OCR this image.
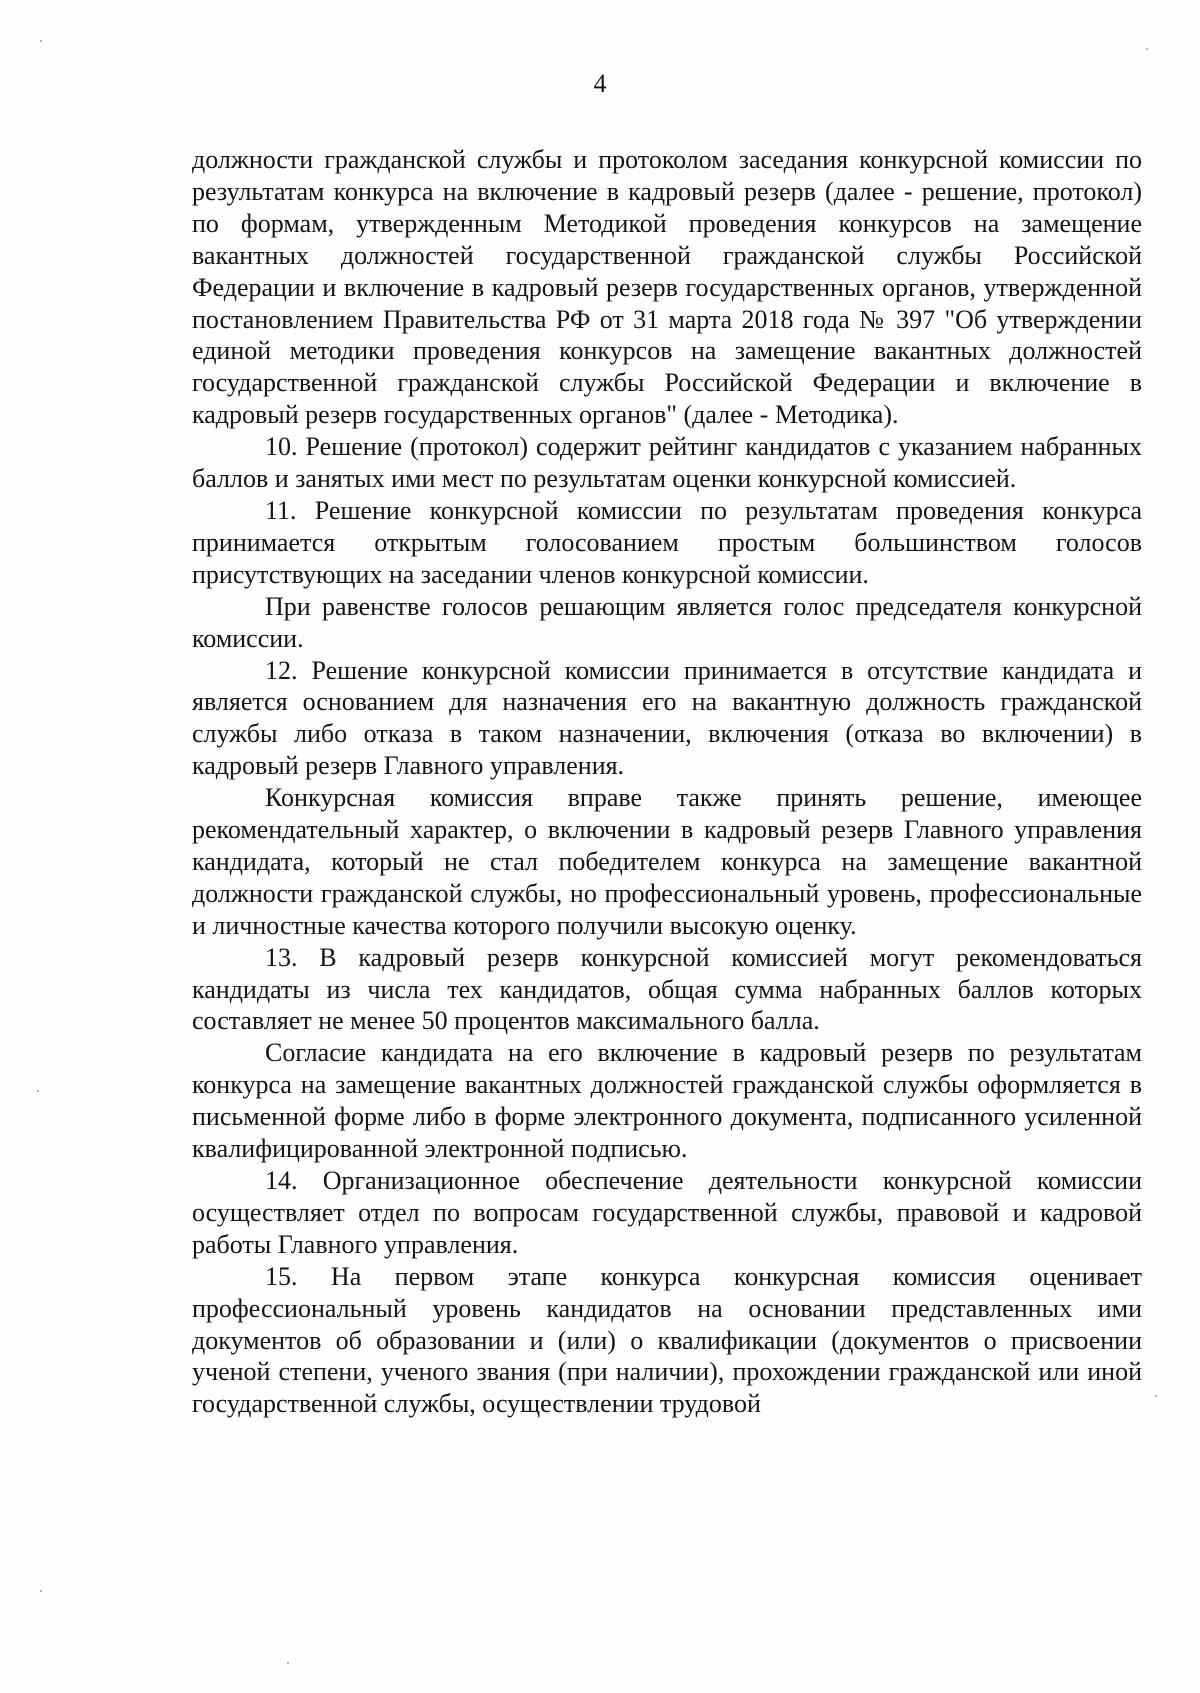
4

должности гражданской службы и протоколом заседания конкурсной комиссии по результатам конкурса на включение в кадровый резерв (далее - решение, протокол) по формам, утвержденным Методикой проведения конкурсов на замещение вакантных должностей государственной гражданской службы Российской Федерации и включение в кадровый резерв государственных органов, утвержденной постановлением Правительства РФ от 31 марта 2018 года № 397 "Об утверждении единой методики проведения конкурсов на замещение вакантных должностей государственной гражданской службы Российской Федерации и включение в кадровый резерв государственных органов" (далее - Методика).

10. Решение (протокол) содержит рейтинг кандидатов с указанием набранных баллов и занятых ими мест по результатам оценки конкурсной комиссией.

11. Решение конкурсной комиссии по результатам проведения конкурса принимается открытым голосованием простым большинством голосов присутствующих на заседании членов конкурсной комиссии.

При равенстве голосов решающим является голос председателя конкурсной комиссии.

12. Решение конкурсной комиссии принимается в отсутствие кандидата и является основанием для назначения его на вакантную должность гражданской службы либо отказа в таком назначении, включения (отказа во включении) в кадровый резерв Главного управления.

Конкурсная комиссия вправе также принять решение, имеющее рекомендательный характер, о включении в кадровый резерв Главного управления кандидата, который не стал победителем конкурса на замещение вакантной должности гражданской службы, но профессиональный уровень, профессиональные и личностные качества которого получили высокую оценку.

13. В кадровый резерв конкурсной комиссией могут рекомендоваться кандидаты из числа тех кандидатов, общая сумма набранных баллов которых составляет не менее 50 процентов максимального балла.

Согласие кандидата на его включение в кадровый резерв по результатам конкурса на замещение вакантных должностей гражданской службы оформляется в письменной форме либо в форме электронного документа, подписанного усиленной квалифицированной электронной подписью.

14. Организационное обеспечение деятельности конкурсной комиссии осуществляет отдел по вопросам государственной службы, правовой и кадровой работы Главного управления.

15. На первом этапе конкурса конкурсная комиссия оценивает профессиональный уровень кандидатов на основании представленных ими документов об образовании и (или) о квалификации (документов о присвоении ученой степени, ученого звания (при наличии), прохождении гражданской или иной государственной службы, осуществлении трудовой
